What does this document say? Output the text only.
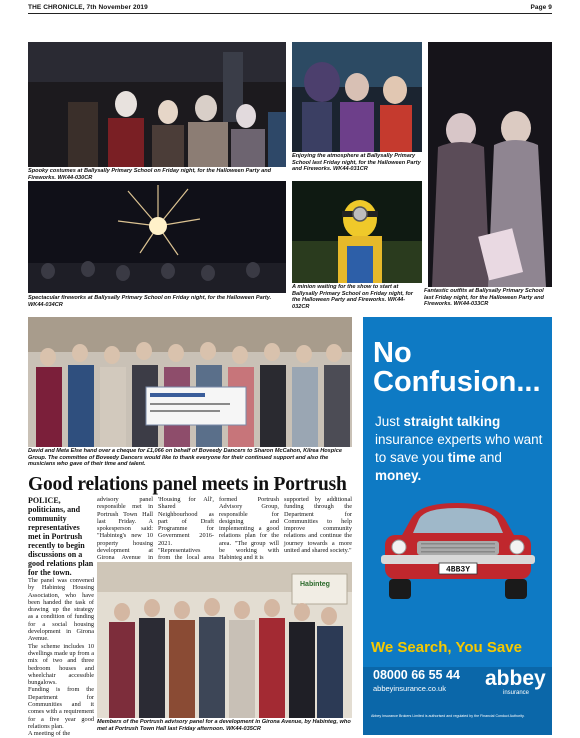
THE CHRONICLE, 7th November 2019	Page 9
Spooky costumes at Ballysally Primary School on Friday night, for the Halloween Party and Fireworks. WK44-030CR
Enjoying the atmosphere at Ballysally Primary School last Friday night, for the Halloween Party and Fireworks. WK44-031CR
Fantastic outfits at Ballysally Primary School last Friday night, for the Halloween Party and Fireworks. WK44-033CR
Spectacular fireworks at Ballysally Primary School on Friday night, for the Halloween Party. WK44-034CR
A minion waiting for the show to start at Ballysally Primary School on Friday night, for the Halloween Party and Fireworks. WK44-032CR
David and Meta Else hand over a cheque for £1,066 on behalf of Boveedy Dancers to Sharon McCahon, Kilrea Hospice Group. The committee of Boveedy Dancers would like to thank everyone for their continued support and also the musicians who gave of their time and talent.
Good relations panel meets in Portrush
POLICE, politicians, and community representatives met in Portrush recently to begin discussions on a good relations plan for the town.

The panel was convened by Habinteg Housing Association, who have been handed the task of drawing up the strategy as a condition of funding for a social housing development in Girona Avenue.

The scheme includes 10 dwellings made up from a mix of two and three bedroom houses and wheelchair accessible bungalows.

Funding is from the Department for Communities and it comes with a requirement for a five year good relations plan.

A meeting of the

advisory panel responsible met in Portrush Town Hall last Friday. A spokesperson said: "Habinteg's new 10 property housing development at Girona Avenue in
'Housing for All', Shared Neighbourhood as part of Draft Programme for Government 2016-2021. "Representatives from the local area
formed Portrush Advisory Group, responsible for designing and implementing a good relations plan for the area. "The group will be working with Habinteg and it is
supported by additional funding through the Department for Communities to help improve community relations and continue the journey towards a more united and shared society."
Habinteg
Members of the Portrush advisory panel for a development in Girona Avenue, by Habinteg, who met at Portrush Town Hall last Friday afternoon. WK44-035CR
No Confusion...
Just straight talking insurance experts who want to save you time and money.
4BB3Y
We Search, You Save
08000 66 55 44
abbeyinsurance.co.uk abbey
insurance
Abbey Insurance Brokers Limited is authorised and regulated by the Financial Conduct Authority.
